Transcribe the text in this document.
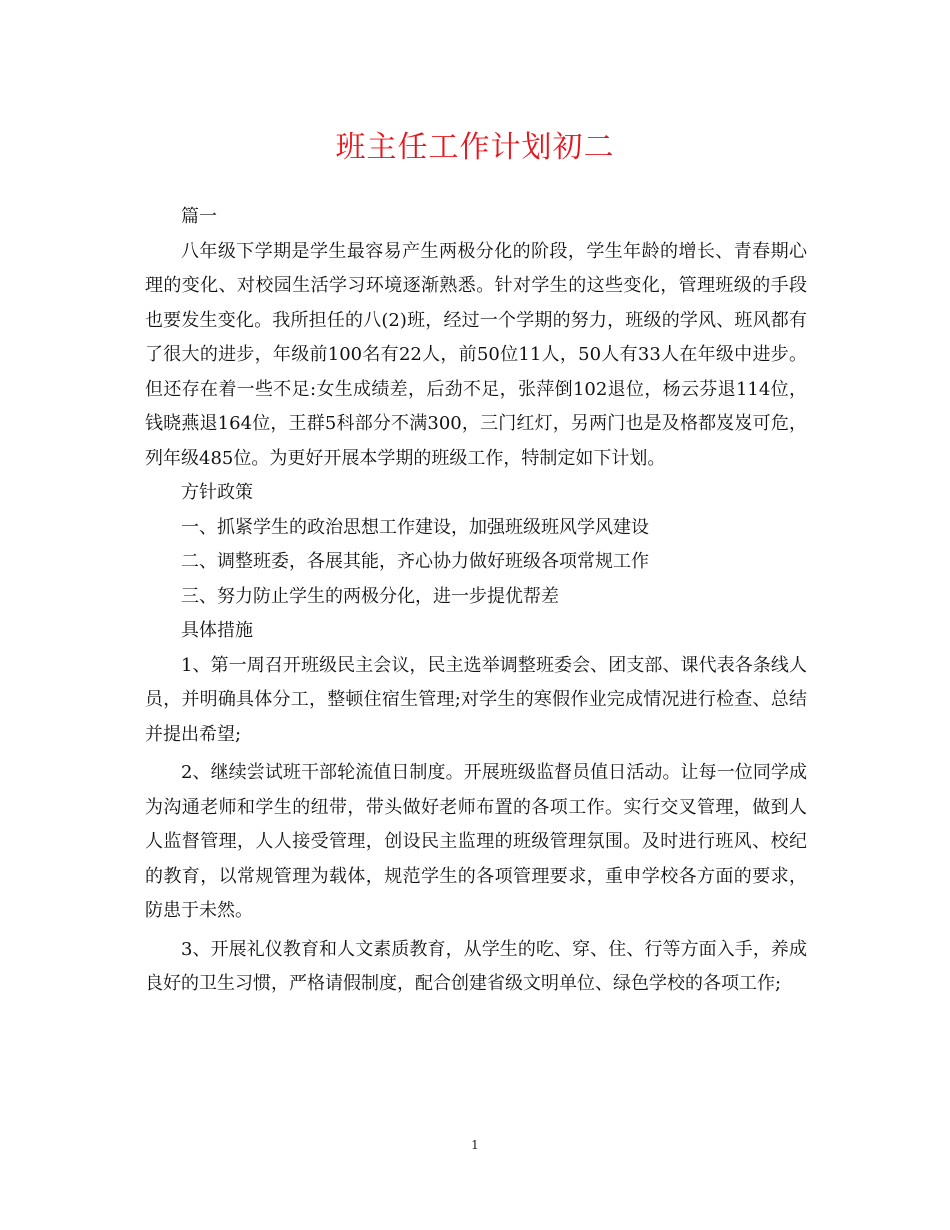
班主任工作计划初二

篇一

八年级下学期是学生最容易产生两极分化的阶段，学生年龄的增长、青春期心理的变化、对校园生活学习环境逐渐熟悉。针对学生的这些变化，管理班级的手段也要发生变化。我所担任的八(2)班，经过一个学期的努力，班级的学风、班风都有了很大的进步，年级前100名有22人，前50位11人，50人有33人在年级中进步。但还存在着一些不足:女生成绩差，后劲不足，张萍倒102退位，杨云芬退114位，钱晓燕退164位，王群5科部分不满300，三门红灯，另两门也是及格都岌岌可危，列年级485位。为更好开展本学期的班级工作，特制定如下计划。

方针政策

一、抓紧学生的政治思想工作建设，加强班级班风学风建设

二、调整班委，各展其能，齐心协力做好班级各项常规工作

三、努力防止学生的两极分化，进一步提优帮差

具体措施

1、第一周召开班级民主会议，民主选举调整班委会、团支部、课代表各条线人员，并明确具体分工，整顿住宿生管理;对学生的寒假作业完成情况进行检查、总结并提出希望;

2、继续尝试班干部轮流值日制度。开展班级监督员值日活动。让每一位同学成为沟通老师和学生的纽带，带头做好老师布置的各项工作。实行交叉管理，做到人人监督管理，人人接受管理，创设民主监理的班级管理氛围。及时进行班风、校纪的教育，以常规管理为载体，规范学生的各项管理要求，重申学校各方面的要求，防患于未然。

3、开展礼仪教育和人文素质教育，从学生的吃、穿、住、行等方面入手，养成良好的卫生习惯，严格请假制度，配合创建省级文明单位、绿色学校的各项工作;

1
